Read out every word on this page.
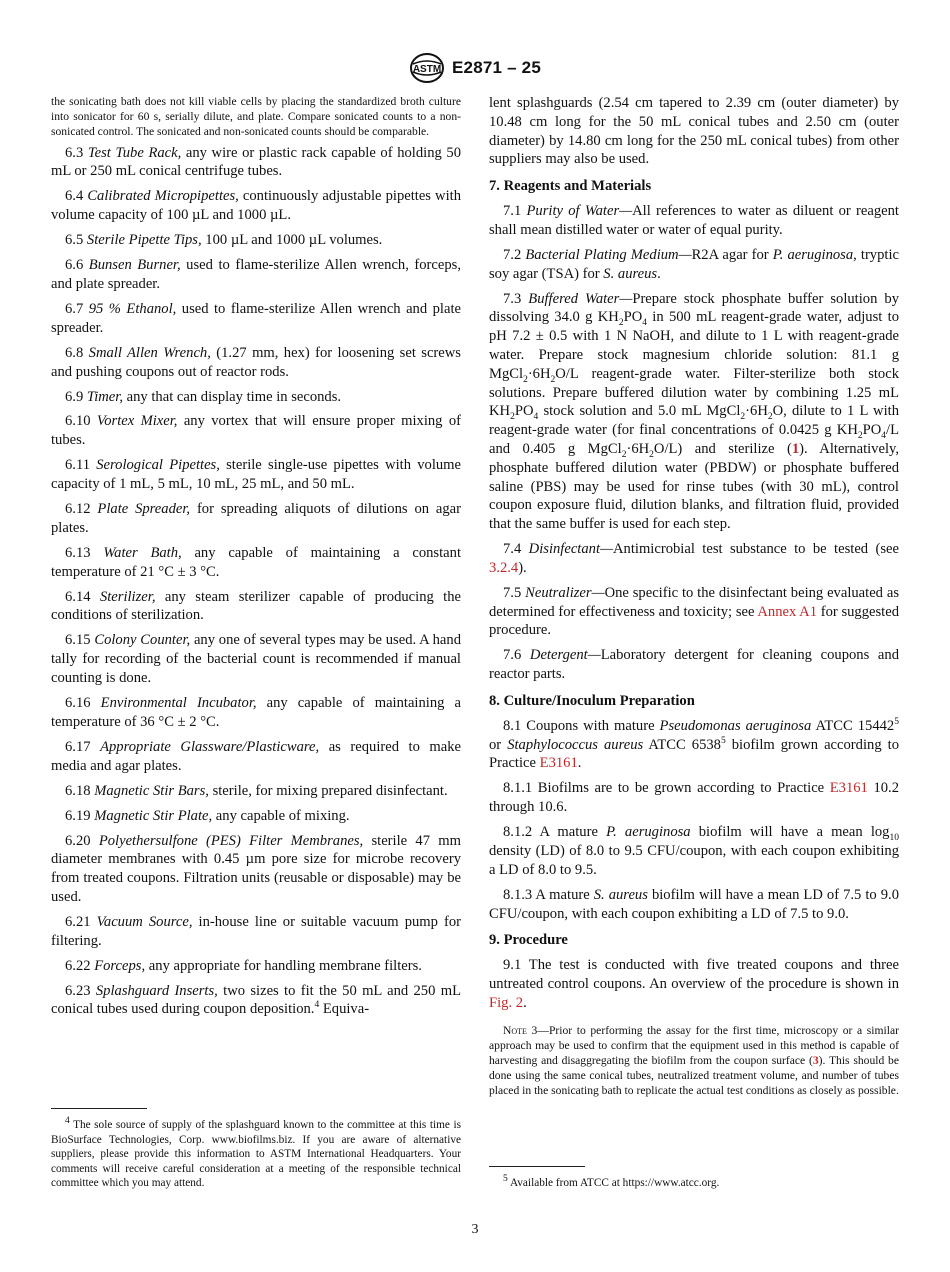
ASTM E2871 – 25

the sonicating bath does not kill viable cells by placing the standardized broth culture into sonicator for 60 s, serially dilute, and plate. Compare sonicated counts to a non-sonicated control. The sonicated and non-sonicated counts should be comparable.

6.3 Test Tube Rack, any wire or plastic rack capable of holding 50 mL or 250 mL conical centrifuge tubes.

6.4 Calibrated Micropipettes, continuously adjustable pipettes with volume capacity of 100 µL and 1000 µL.

6.5 Sterile Pipette Tips, 100 µL and 1000 µL volumes.

6.6 Bunsen Burner, used to flame-sterilize Allen wrench, forceps, and plate spreader.

6.7 95 % Ethanol, used to flame-sterilize Allen wrench and plate spreader.

6.8 Small Allen Wrench, (1.27 mm, hex) for loosening set screws and pushing coupons out of reactor rods.

6.9 Timer, any that can display time in seconds.

6.10 Vortex Mixer, any vortex that will ensure proper mixing of tubes.

6.11 Serological Pipettes, sterile single-use pipettes with volume capacity of 1 mL, 5 mL, 10 mL, 25 mL, and 50 mL.

6.12 Plate Spreader, for spreading aliquots of dilutions on agar plates.

6.13 Water Bath, any capable of maintaining a constant temperature of 21 °C ± 3 °C.

6.14 Sterilizer, any steam sterilizer capable of producing the conditions of sterilization.

6.15 Colony Counter, any one of several types may be used. A hand tally for recording of the bacterial count is recommended if manual counting is done.

6.16 Environmental Incubator, any capable of maintaining a temperature of 36 °C ± 2 °C.

6.17 Appropriate Glassware/Plasticware, as required to make media and agar plates.

6.18 Magnetic Stir Bars, sterile, for mixing prepared disinfectant.

6.19 Magnetic Stir Plate, any capable of mixing.

6.20 Polyethersulfone (PES) Filter Membranes, sterile 47 mm diameter membranes with 0.45 µm pore size for microbe recovery from treated coupons. Filtration units (reusable or disposable) may be used.

6.21 Vacuum Source, in-house line or suitable vacuum pump for filtering.

6.22 Forceps, any appropriate for handling membrane filters.

6.23 Splashguard Inserts, two sizes to fit the 50 mL and 250 mL conical tubes used during coupon deposition.$^4$ Equiva-

$^4$ The sole source of supply of the splashguard known to the committee at this time is BioSurface Technologies, Corp. www.biofilms.biz. If you are aware of alternative suppliers, please provide this information to ASTM International Headquarters. Your comments will receive careful consideration at a meeting of the responsible technical committee which you may attend.

lent splashguards (2.54 cm tapered to 2.39 cm (outer diameter) by 10.48 cm long for the 50 mL conical tubes and 2.50 cm (outer diameter) by 14.80 cm long for the 250 mL conical tubes) from other suppliers may also be used.

7. Reagents and Materials

7.1 Purity of Water—All references to water as diluent or reagent shall mean distilled water or water of equal purity.

7.2 Bacterial Plating Medium—R2A agar for P. aeruginosa, tryptic soy agar (TSA) for S. aureus.

7.3 Buffered Water—Prepare stock phosphate buffer solution by dissolving 34.0 g $KH_2PO_4$ in 500 mL reagent-grade water, adjust to pH 7.2 ± 0.5 with 1 N NaOH, and dilute to 1 L with reagent-grade water. Prepare stock magnesium chloride solution: 81.1 g $MgCl_2\cdot 6H_2O/L$ reagent-grade water. Filter-sterilize both stock solutions. Prepare buffered dilution water by combining 1.25 mL $KH_2PO_4$ stock solution and 5.0 mL $MgCl_2\cdot 6H_2O$, dilute to 1 L with reagent-grade water (for final concentrations of 0.0425 g $KH_2PO_4/L$ and 0.405 g $MgCl_2\cdot 6H_2O/L$) and sterilize (1). Alternatively, phosphate buffered dilution water (PBDW) or phosphate buffered saline (PBS) may be used for rinse tubes (with 30 mL), control coupon exposure fluid, dilution blanks, and filtration fluid, provided that the same buffer is used for each step.

7.4 Disinfectant—Antimicrobial test substance to be tested (see 3.2.4).

7.5 Neutralizer—One specific to the disinfectant being evaluated as determined for effectiveness and toxicity; see Annex A1 for suggested procedure.

7.6 Detergent—Laboratory detergent for cleaning coupons and reactor parts.

8. Culture/Inoculum Preparation

8.1 Coupons with mature Pseudomonas aeruginosa ATCC 15442$^5$ or Staphylococcus aureus ATCC 6538$^5$ biofilm grown according to Practice E3161.

8.1.1 Biofilms are to be grown according to Practice E3161 10.2 through 10.6.

8.1.2 A mature P. aeruginosa biofilm will have a mean $\log_{10}$ density (LD) of 8.0 to 9.5 CFU/coupon, with each coupon exhibiting a LD of 8.0 to 9.5.

8.1.3 A mature S. aureus biofilm will have a mean LD of 7.5 to 9.0 CFU/coupon, with each coupon exhibiting a LD of 7.5 to 9.0.

9. Procedure

9.1 The test is conducted with five treated coupons and three untreated control coupons. An overview of the procedure is shown in Fig. 2.

Note 3—Prior to performing the assay for the first time, microscopy or a similar approach may be used to confirm that the equipment used in this method is capable of harvesting and disaggregating the biofilm from the coupon surface (3). This should be done using the same conical tubes, neutralized treatment volume, and number of tubes placed in the sonicating bath to replicate the actual test conditions as closely as possible.

$^5$ Available from ATCC at https://www.atcc.org.
3
